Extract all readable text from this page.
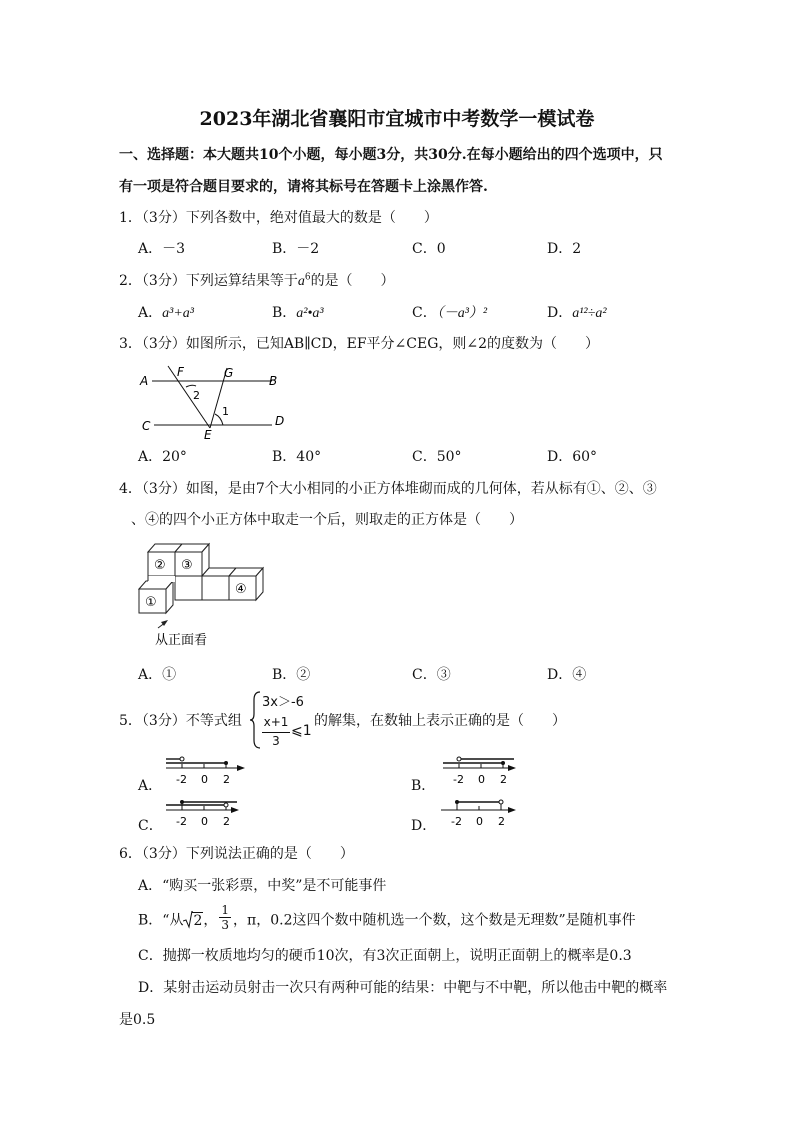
2023年湖北省襄阳市宜城市中考数学一模试卷
一、选择题：本大题共10个小题，每小题3分，共30分.在每小题给出的四个选项中，只
有一项是符合题目要求的，请将其标号在答题卡上涂黑作答.
1．（3分）下列各数中，绝对值最大的数是（　　）
A．－3	B．－2	C．0	D．2
2．（3分）下列运算结果等于$a^6$的是（　　）
A．a³+a³	B．a²•a³	C．（－a³）²	D．a¹²÷a²
3．（3分）如图所示，已知AB∥CD，EF平分∠CEG，则∠2的度数为（　　）
A	B
C	D
E
F	G
1
2
A．20°	B．40°	C．50°	D．60°
4．（3分）如图，是由7个大小相同的小正方体堆砌而成的几何体，若从标有①、②、③
、④的四个小正方体中取走一个后，则取走的正方体是（　　）
② ③
①
④
从正面看
A．①	B．②	C．③	D．④
5．（3分）不等式组
3x＞-6
x+1
3
⩽1
的解集，在数轴上表示正确的是（　　）
A． -2 0 2	B． -2 0 2
C． -2 0 2	D． -2 0 2
6．（3分）下列说法正确的是（　　）
A．“购买一张彩票，中奖”是不可能事件
B．“从 2， $\frac{1}{3}$ ，π，0.2这四个数中随机选一个数，这个数是无理数”是随机事件
C．抛掷一枚质地均匀的硬币10次，有3次正面朝上，说明正面朝上的概率是0.3
D．某射击运动员射击一次只有两种可能的结果：中靶与不中靶，所以他击中靶的概率
是0.5
